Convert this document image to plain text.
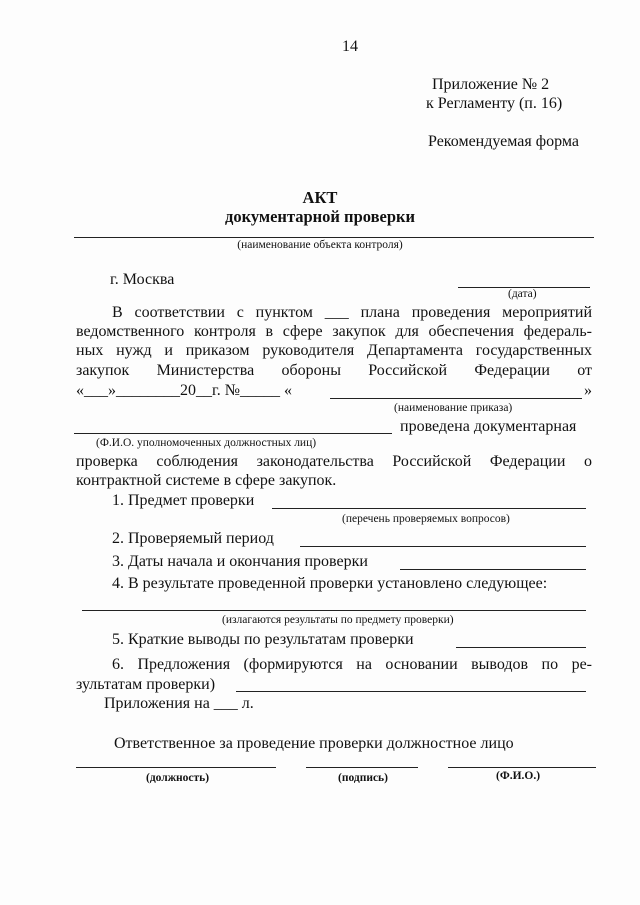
14
Приложение № 2
к Регламенту (п. 16)
Рекомендуемая форма
АКТ
документарной проверки
(наименование объекта контроля)
г. Москва
(дата)
В соответствии с пунктом ___ плана проведения мероприятий
ведомственного контроля в сфере закупок для обеспечения федераль-
ных нужд и приказом руководителя Департамента государственных
закупок Министерства обороны Российской Федерации от
«___»________20__г. №_____ «	»
(наименование приказа)
проведена документарная
(Ф.И.О. уполномоченных должностных лиц)
проверка соблюдения законодательства Российской Федерации о
контрактной системе в сфере закупок.
1. Предмет проверки
(перечень проверяемых вопросов)
2. Проверяемый период
3. Даты начала и окончания проверки
4. В результате проведенной проверки установлено следующее:
(излагаются результаты по предмету проверки)
5. Краткие выводы по результатам проверки
6. Предложения (формируются на основании выводов по ре-
зультатам проверки)
Приложения на ___ л.
Ответственное за проведение проверки должностное лицо
(должность)	(подпись)	(Ф.И.О.)
